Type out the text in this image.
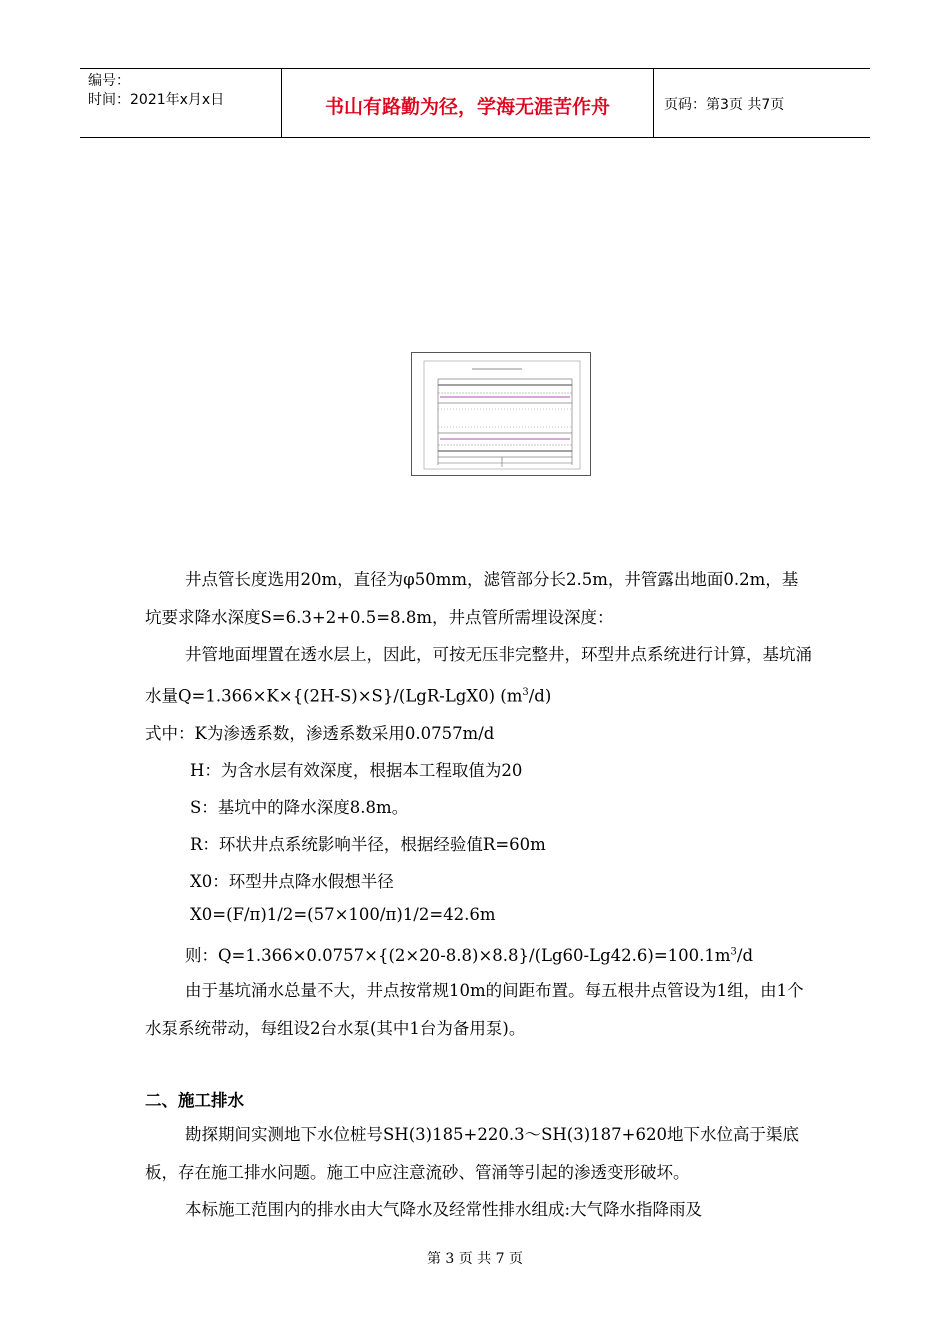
编号：
时间：2021年x月x日	书山有路勤为径，学海无涯苦作舟	页码：第3页 共7页

井点管长度选用20m，直径为φ50mm，滤管部分长2.5m，井管露出地面0.2m，基坑要求降水深度S=6.3+2+0.5=8.8m，井点管所需埋设深度：

井管地面埋置在透水层上，因此，可按无压非完整井，环型井点系统进行计算，基坑涌水量Q=1.366×K×{(2H-S)×S}/(LgR-LgX0) $(m^3/d)$

式中：K为渗透系数，渗透系数采用0.0757m/d
H：为含水层有效深度，根据本工程取值为20
S：基坑中的降水深度8.8m。
R：环状井点系统影响半径，根据经验值R=60m
X0：环型井点降水假想半径
X0=(F/π)1/2=(57×100/π)1/2=42.6m
则：$Q=1.366\times 0.0757\times\{(2\times 20-8.8)\times 8.8\}/(Lg60-Lg42.6)=100.1m^3/d$

由于基坑涌水总量不大，井点按常规10m的间距布置。每五根井点管设为1组，由1个水泵系统带动，每组设2台水泵(其中1台为备用泵)。

二、施工排水

勘探期间实测地下水位桩号SH(3)185+220.3～SH(3)187+620地下水位高于渠底板，存在施工排水问题。施工中应注意流砂、管涌等引起的渗透变形破坏。

本标施工范围内的排水由大气降水及经常性排水组成:大气降水指降雨及

第 3 页 共 7 页
